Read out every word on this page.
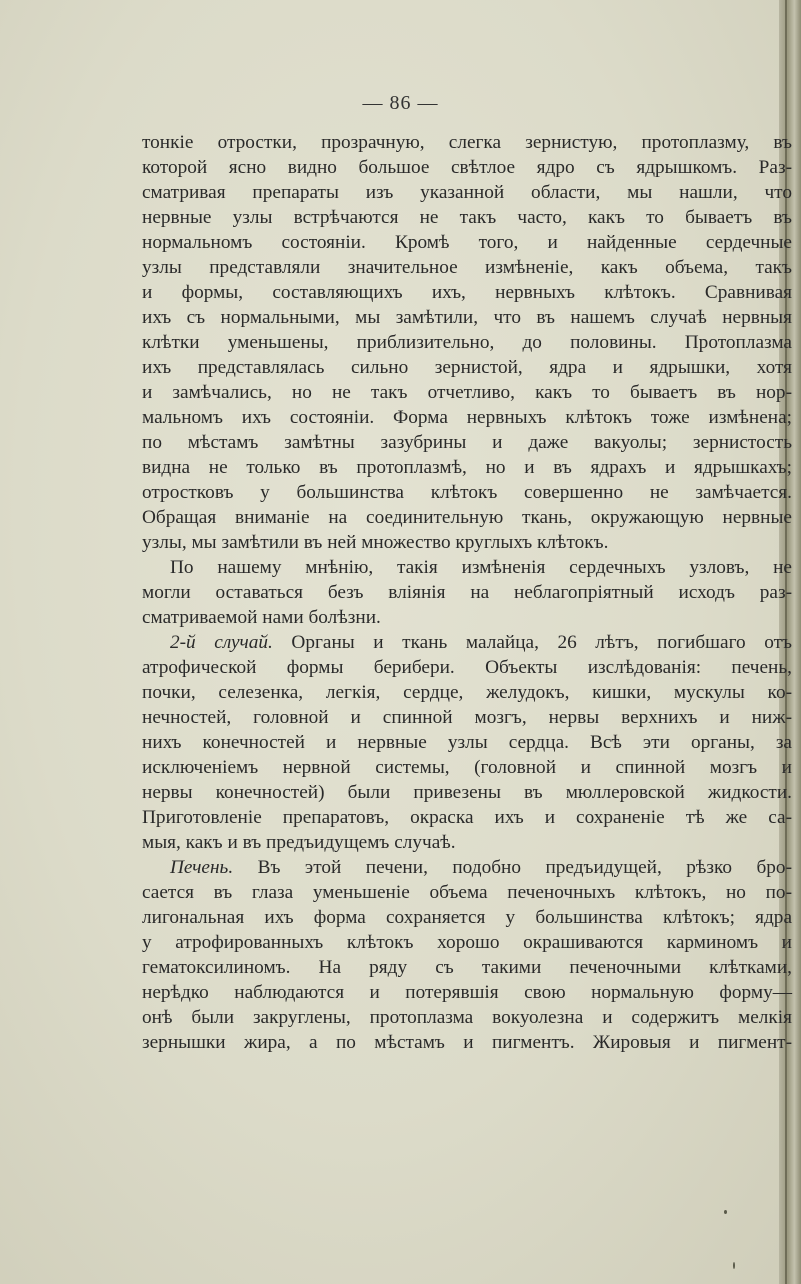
— 86 —
тонкіе отростки, прозрачную, слегка зернистую, протоплазму, въ
которой ясно видно большое свѣтлое ядро съ ядрышкомъ. Раз-
сматривая препараты изъ указанной области, мы нашли, что
нервные узлы встрѣчаются не такъ часто, какъ то бываетъ въ
нормальномъ состояніи. Кромѣ того, и найденные сердечные
узлы представляли значительное измѣненіе, какъ объема, такъ
и формы, составляющихъ ихъ, нервныхъ клѣтокъ. Сравнивая
ихъ съ нормальными, мы замѣтили, что въ нашемъ случаѣ нервныя
клѣтки уменьшены, приблизительно, до половины. Протоплазма
ихъ представлялась сильно зернистой, ядра и ядрышки, хотя
и замѣчались, но не такъ отчетливо, какъ то бываетъ въ нор-
мальномъ ихъ состояніи. Форма нервныхъ клѣтокъ тоже измѣнена;
по мѣстамъ замѣтны зазубрины и даже вакуолы; зернистость
видна не только въ протоплазмѣ, но и въ ядрахъ и ядрышкахъ;
отростковъ у большинства клѣтокъ совершенно не замѣчается.
Обращая вниманіе на соединительную ткань, окружающую нервные
узлы, мы замѣтили въ ней множество круглыхъ клѣтокъ.
По нашему мнѣнію, такія измѣненія сердечныхъ узловъ, не
могли оставаться безъ вліянія на неблагопріятный исходъ раз-
сматриваемой нами болѣзни.
2-й случай. Органы и ткань малайца, 26 лѣтъ, погибшаго отъ
атрофической формы берибери. Объекты изслѣдованія: печень,
почки, селезенка, легкія, сердце, желудокъ, кишки, мускулы ко-
нечностей, головной и спинной мозгъ, нервы верхнихъ и ниж-
нихъ конечностей и нервные узлы сердца. Всѣ эти органы, за
исключеніемъ нервной системы, (головной и спинной мозгъ и
нервы конечностей) были привезены въ мюллеровской жидкости.
Приготовленіе препаратовъ, окраска ихъ и сохраненіе тѣ же са-
мыя, какъ и въ предъидущемъ случаѣ.
Печень. Въ этой печени, подобно предъидущей, рѣзко бро-
сается въ глаза уменьшеніе объема печеночныхъ клѣтокъ, но по-
лигональная ихъ форма сохраняется у большинства клѣтокъ; ядра
у атрофированныхъ клѣтокъ хорошо окрашиваются карминомъ и
гематоксилиномъ. На ряду съ такими печеночными клѣтками,
нерѣдко наблюдаются и потерявшія свою нормальную форму—
онѣ были закруглены, протоплазма вокуолезна и содержитъ мелкія
зернышки жира, а по мѣстамъ и пигментъ. Жировыя и пигмент-
